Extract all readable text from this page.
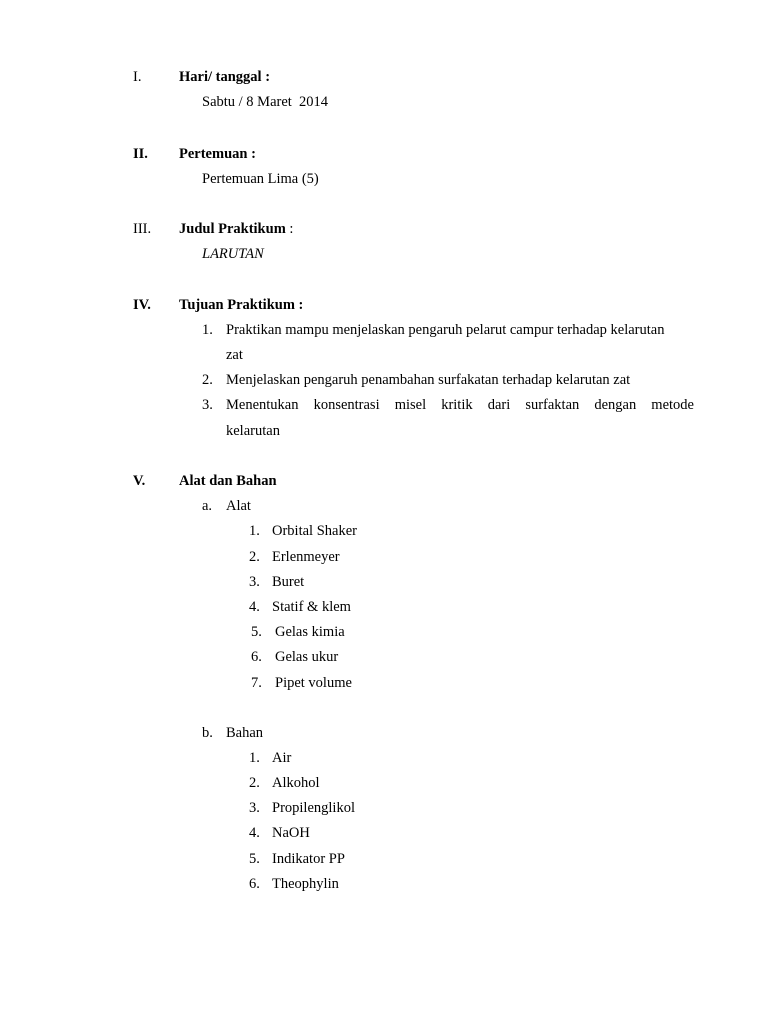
I.	Hari/ tanggal :
Sabtu / 8 Maret  2014
II. Pertemuan :
Pertemuan Lima (5)
III. Judul Praktikum :
LARUTAN
IV. Tujuan Praktikum :
1. Praktikan mampu menjelaskan pengaruh pelarut campur terhadap kelarutan
zat
2. Menjelaskan pengaruh penambahan surfakatan terhadap kelarutan zat
3. Menentukan konsentrasi misel kritik dari surfaktan dengan metode
kelarutan
V. Alat dan Bahan
a. Alat
1. Orbital Shaker
2. Erlenmeyer
3. Buret
4. Statif & klem
5. Gelas kimia
6. Gelas ukur
7. Pipet volume
b. Bahan
1. Air
2. Alkohol
3. Propilenglikol
4. NaOH
5. Indikator PP
6. Theophylin
